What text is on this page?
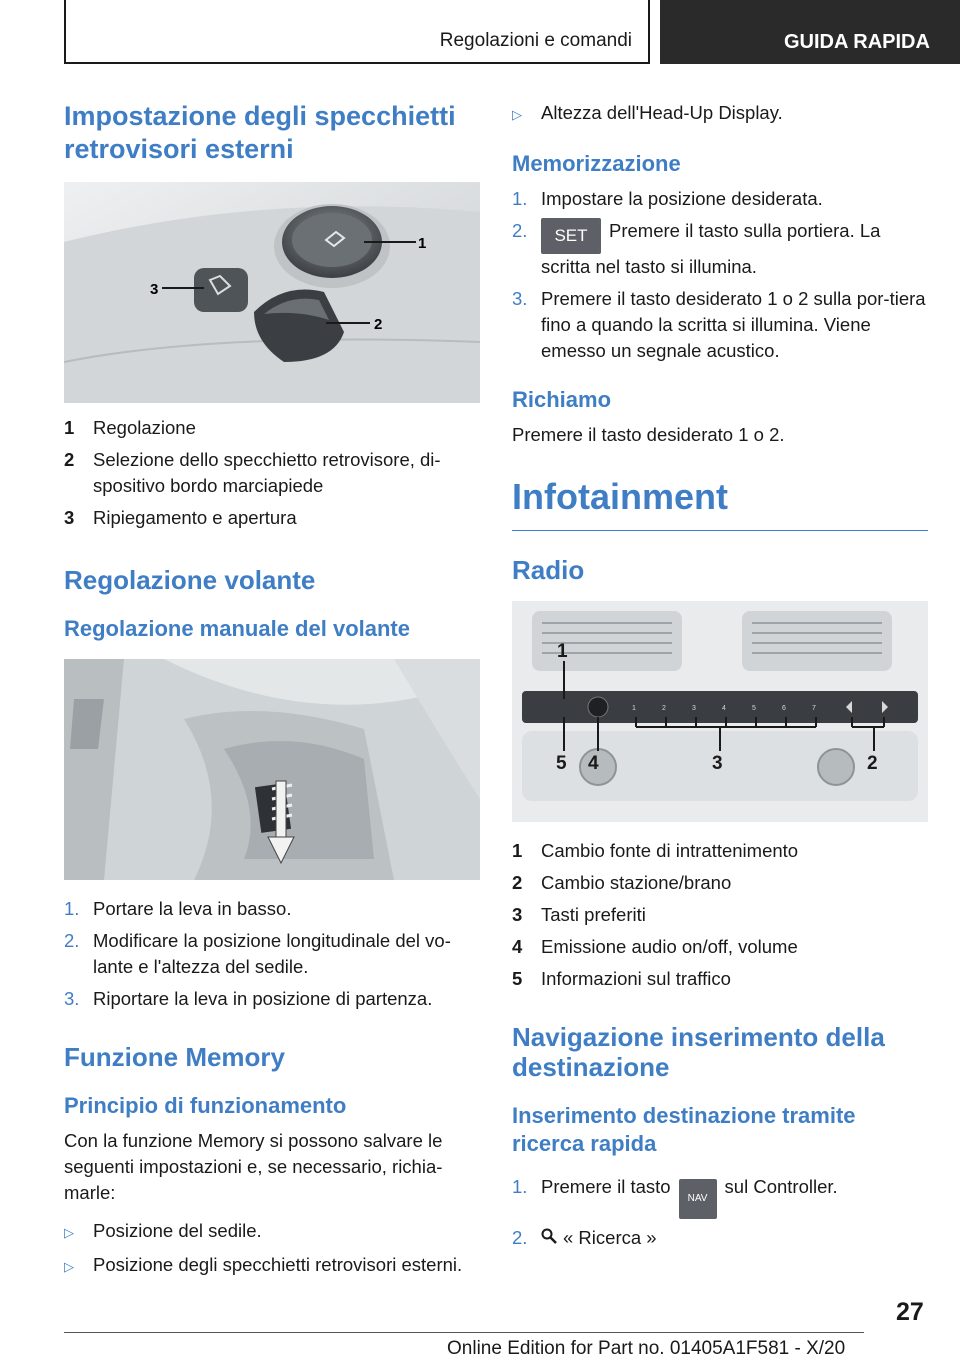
Regolazioni e comandi	GUIDA RAPIDA
Impostazione degli specchietti retrovisori esterni
1
2
3
1	Regolazione
2	Selezione dello specchietto retrovisore, di-spositivo bordo marciapiede
3	Ripiegamento e apertura
Regolazione volante
Regolazione manuale del volante
1. Portare la leva in basso.
2. Modificare la posizione longitudinale del vo-lante e l'altezza del sedile.
3. Riportare la leva in posizione di partenza.
Funzione Memory
Principio di funzionamento

Con la funzione Memory si possono salvare le seguenti impostazioni e, se necessario, richia-marle:

▷	Posizione del sedile.
▷	Posizione degli specchietti retrovisori esterni.
▷	Altezza dell'Head-Up Display.
Memorizzazione
1. Impostare la posizione desiderata.
2.	SET Premere il tasto sulla portiera. La scritta nel tasto si illumina.
3. Premere il tasto desiderato 1 o 2 sulla por-tiera fino a quando la scritta si illumina. Viene emesso un segnale acustico.
Richiamo

Premere il tasto desiderato 1 o 2.

Infotainment
Radio
1	2	3	4	5	6	7
1
5 4	3	2
1	Cambio fonte di intrattenimento
2	Cambio stazione/brano
3	Tasti preferiti
4	Emissione audio on/off, volume
5	Informazioni sul traffico
Navigazione inserimento della destinazione
Inserimento destinazione tramite ricerca rapida
1. Premere il tastoNAVsul Controller.
2.	« Ricerca »
27
Online Edition for Part no. 01405A1F581 - X/20
